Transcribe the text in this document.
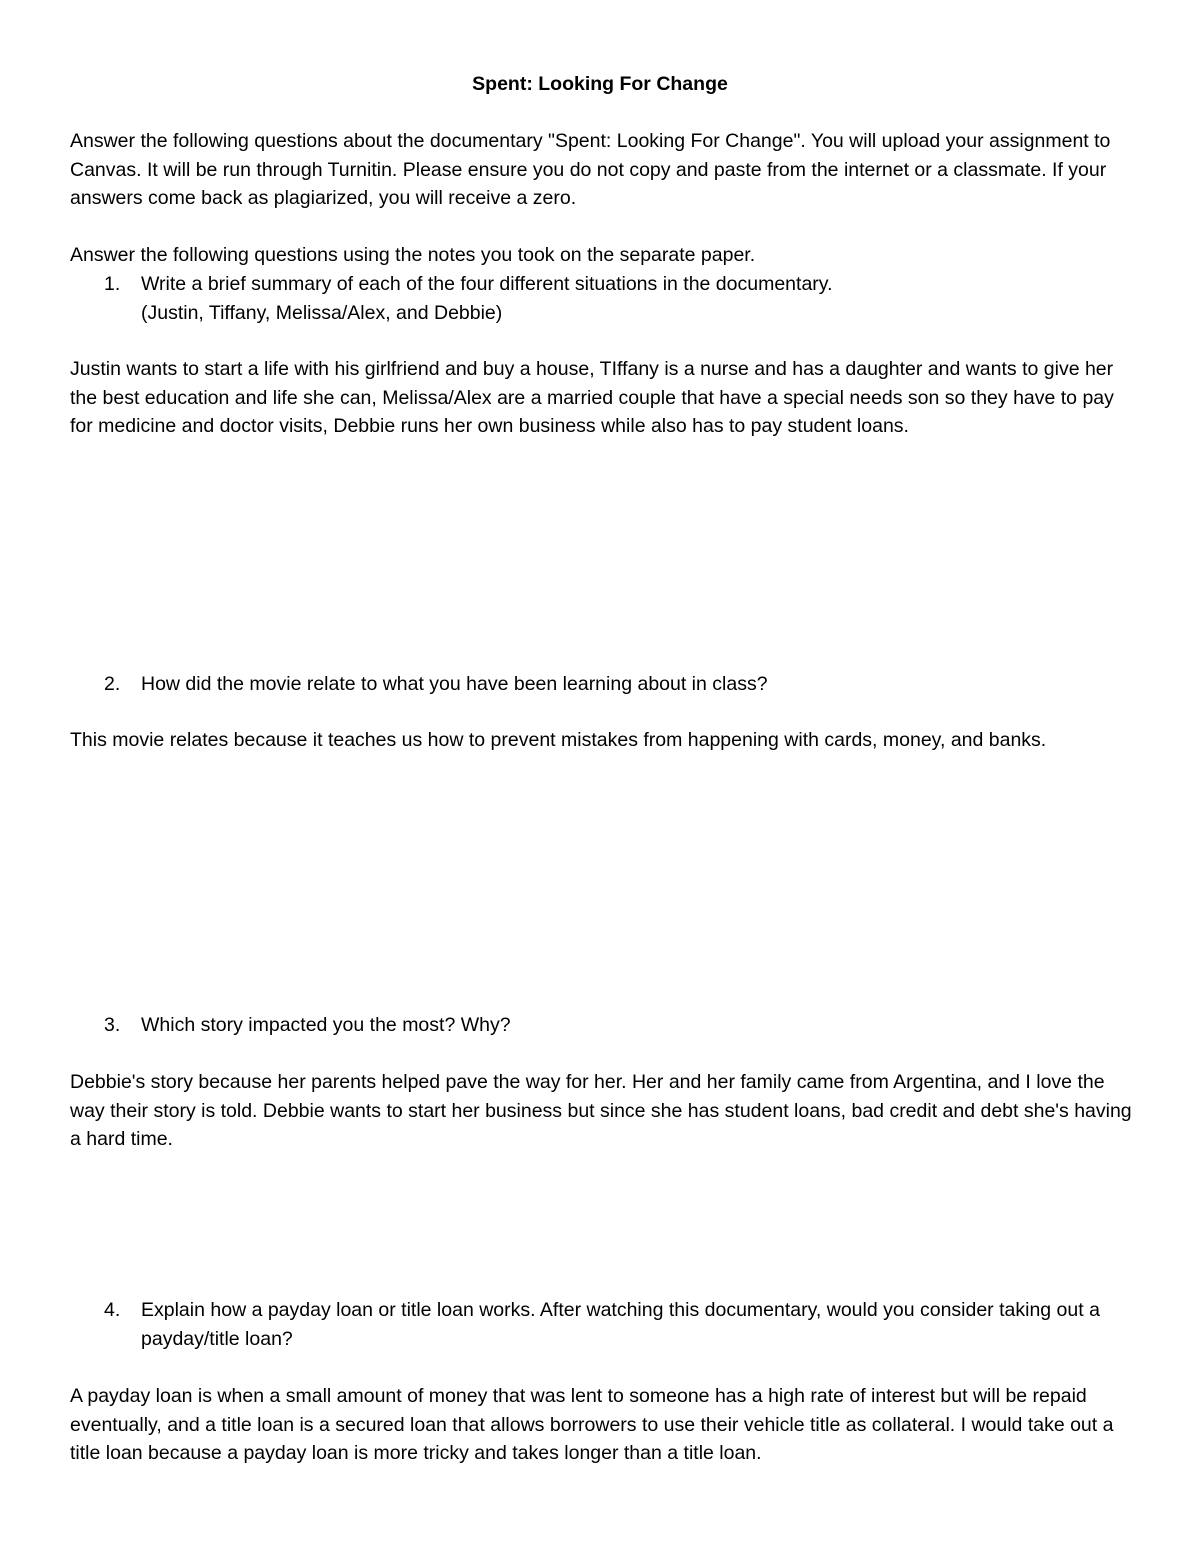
Spent: Looking For Change

Answer the following questions about the documentary "Spent: Looking For Change". You will upload your assignment to Canvas. It will be run through Turnitin. Please ensure you do not copy and paste from the internet or a classmate. If your answers come back as plagiarized, you will receive a zero.

Answer the following questions using the notes you took on the separate paper.

1.	Write a brief summary of each of the four different situations in the documentary.
(Justin, Tiffany, Melissa/Alex, and Debbie)

Justin wants to start a life with his girlfriend and buy a house, TIffany is a nurse and has a daughter and wants to give her the best education and life she can, Melissa/Alex are a married couple that have a special needs son so they have to pay for medicine and doctor visits, Debbie runs her own business while also has to pay student loans.

2.	How did the movie relate to what you have been learning about in class?

This movie relates because it teaches us how to prevent mistakes from happening with cards, money, and banks.

3.	Which story impacted you the most? Why?

Debbie's story because her parents helped pave the way for her. Her and her family came from Argentina, and I love the way their story is told. Debbie wants to start her business but since she has student loans, bad credit and debt she's having a hard time.

4.	Explain how a payday loan or title loan works. After watching this documentary, would you consider taking out a payday/title loan?

A payday loan is when a small amount of money that was lent to someone has a high rate of interest but will be repaid eventually, and a title loan is a secured loan that allows borrowers to use their vehicle title as collateral. I would take out a title loan because a payday loan is more tricky and takes longer than a title loan.
